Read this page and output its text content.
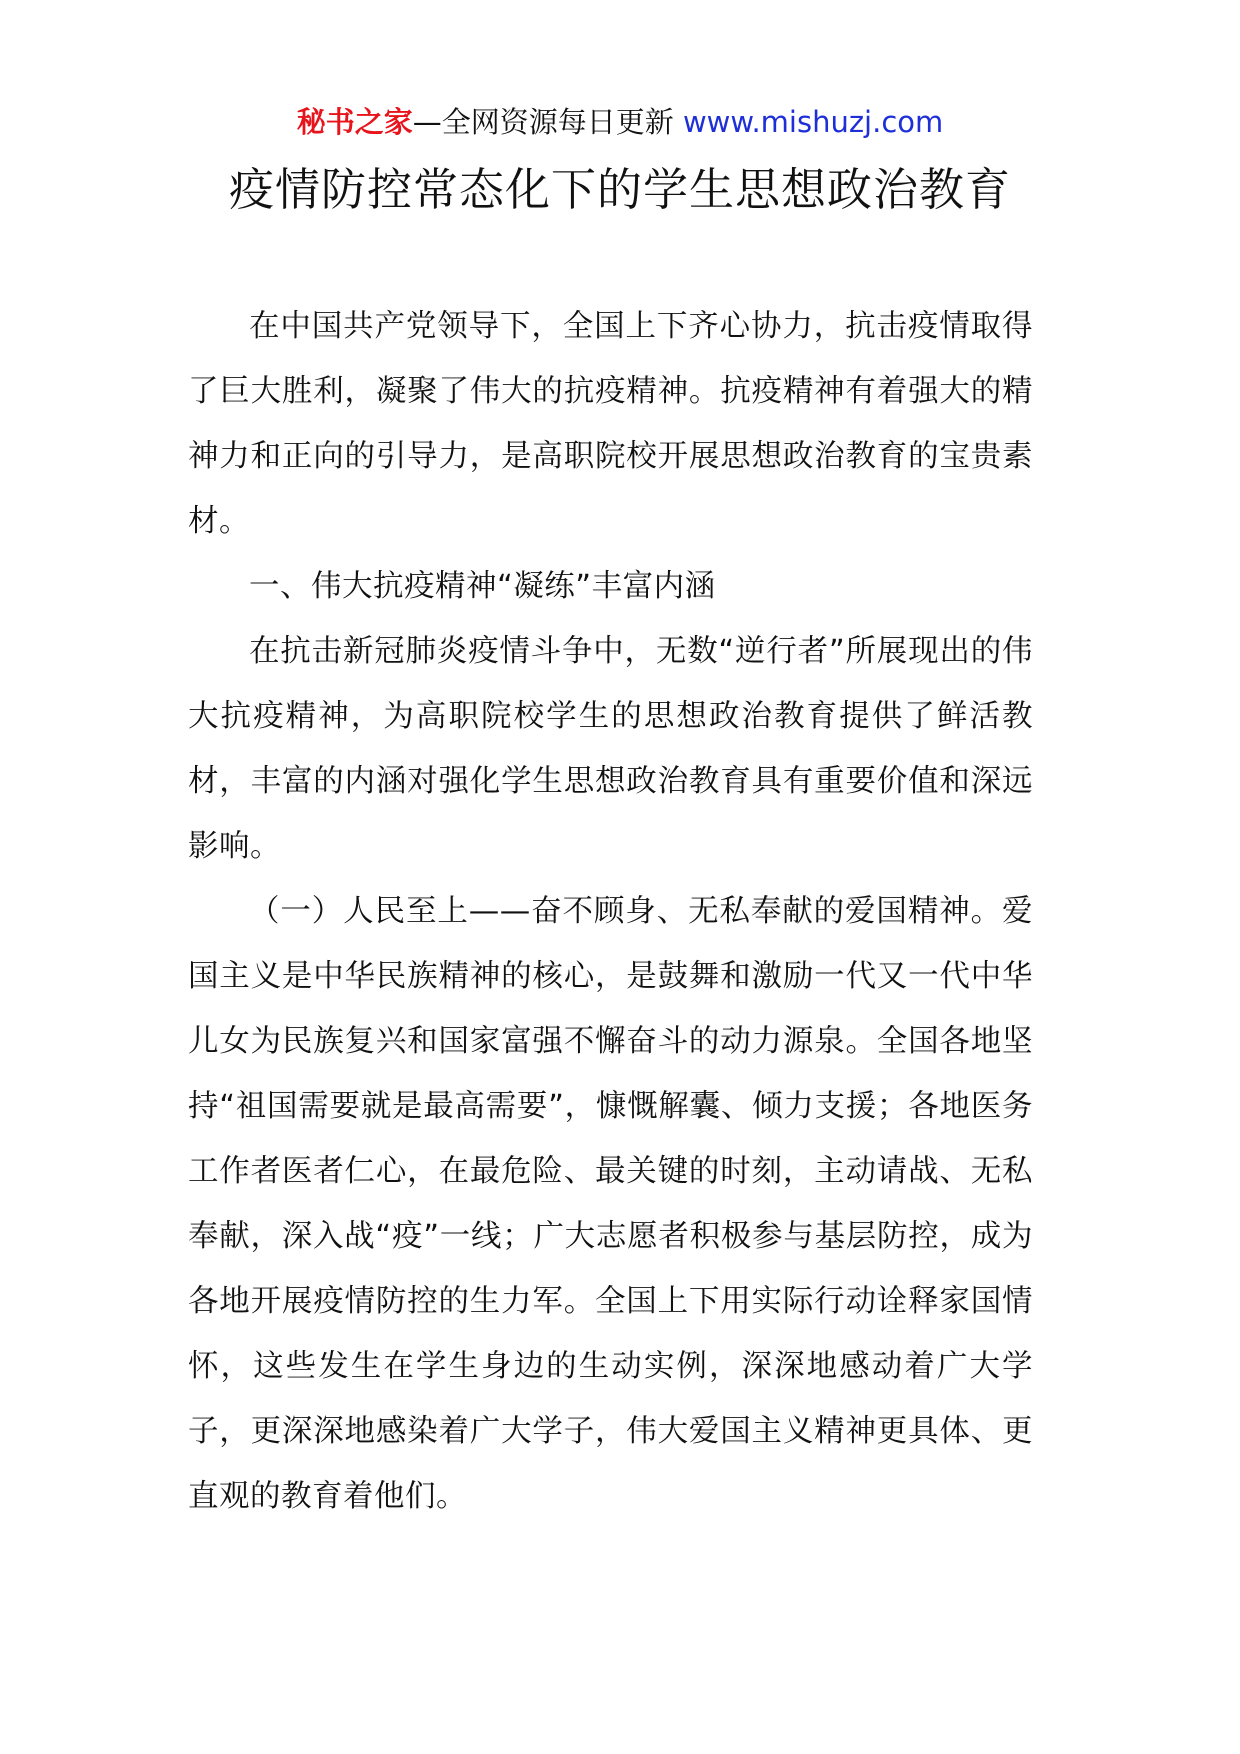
秘书之家—全网资源每日更新 www.mishuzj.com
疫情防控常态化下的学生思想政治教育

在中国共产党领导下，全国上下齐心协力，抗击疫情取得了巨大胜利，凝聚了伟大的抗疫精神。抗疫精神有着强大的精神力和正向的引导力，是高职院校开展思想政治教育的宝贵素材。

一、伟大抗疫精神“凝练”丰富内涵

在抗击新冠肺炎疫情斗争中，无数“逆行者”所展现出的伟大抗疫精神，为高职院校学生的思想政治教育提供了鲜活教材，丰富的内涵对强化学生思想政治教育具有重要价值和深远影响。

（一）人民至上——奋不顾身、无私奉献的爱国精神。爱国主义是中华民族精神的核心，是鼓舞和激励一代又一代中华儿女为民族复兴和国家富强不懈奋斗的动力源泉。全国各地坚持“祖国需要就是最高需要”，慷慨解囊、倾力支援；各地医务工作者医者仁心，在最危险、最关键的时刻，主动请战、无私奉献，深入战“疫”一线；广大志愿者积极参与基层防控，成为各地开展疫情防控的生力军。全国上下用实际行动诠释家国情怀，这些发生在学生身边的生动实例，深深地感动着广大学子，更深深地感染着广大学子，伟大爱国主义精神更具体、更直观的教育着他们。
